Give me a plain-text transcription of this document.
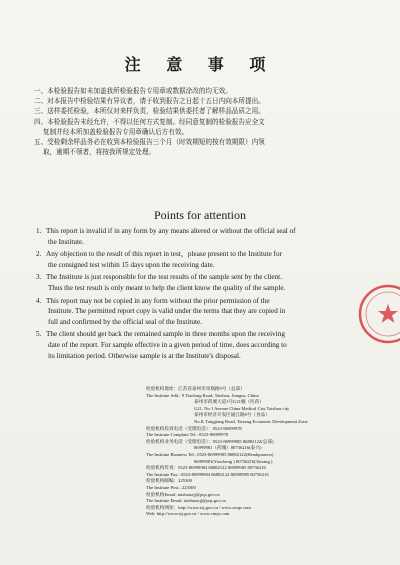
注 意 事 项
一、本检验报告如未加盖我所检验报告专用章或数据涂改的均无效。
二、对本报告中检验结果有异议者，请于收到报告之日起十五日内向本所提出。
三、送样委托检验，本所仅对来样负责，检验结果供委托者了解样品品质之用。
四、本检验报告未经允许，不得以任何方式复制。经同意复制的检验报告应全文
复制并经本所加盖检验报告专用章确认后方有效。
五、受检剩余样品务必在收到本检验报告三个月（时效期短的按有效期限）内领
取，逾期不领者，将按我所规定处理。
Points for attention
1. This report is invalid if in any form by any means altered or without the official seal of
the Institute.
2. Any objection to the result of this report in test，please present to the Institute for
the consigned test within 15 days upon the receiving date.
3. The Institute is just responsible for the test results of the sample sent by the client.
Thus the test result is only meant to help the client know the quality of the sample.
4. This report may not be copied in any form without the prior permission of the
Institute. The permitted report copy is valid under the terms that they are copied in
full and confirmed by the official seal of the Institute.
5. The client should get back the remained sample in three months upon the receiving
date of the report. For sample effective in a given period of time, does according to
its limitation period. Otherwise sample is at the Institute's disposal.
检验机构地址：江苏省泰州市凤凰路9号（总部）
The Institute Add.: 9 Tiaolong Road, Taizhou, Jiangsu, China
泰州市药城大道1号G21幢（医药）
G21, No.1 Avenue China Medical City Taizhou city
泰州市经济开发区通江路8号（食品）
No.8, Tongjiang Road, Taizeng Economic Development Zone
检验机构投诉电话（受理电话）：0523-86999978
The Institute Complain Tel.: 0523-86999978
检验机构业务电话（受理电话）：0523-86999985 86882122(总部)
86999981（药城）80736216(泰兴)
The Institute Business Tel.: 0523-86999985 86882122(Headquarters)
86999981(Yaocheng ) 80736216(Taixing )
检验机构传真：0523-86999984 86882122 86999985 80736216
The Institute Fax.: 0523-86999984 86882122 86999985 80736216
检验机构邮编：225300
The Institute Post.: 225300
检验机构Email: taizhouzjj@pqs.gov.cn
The Institute Email: taizhouzjj@pqs.gov.cn
检验机构网址：http://www.tzj.gov.cn / www.cmqs.com
Web: http://www.tzj.gov.cn / www.cmqs.com
